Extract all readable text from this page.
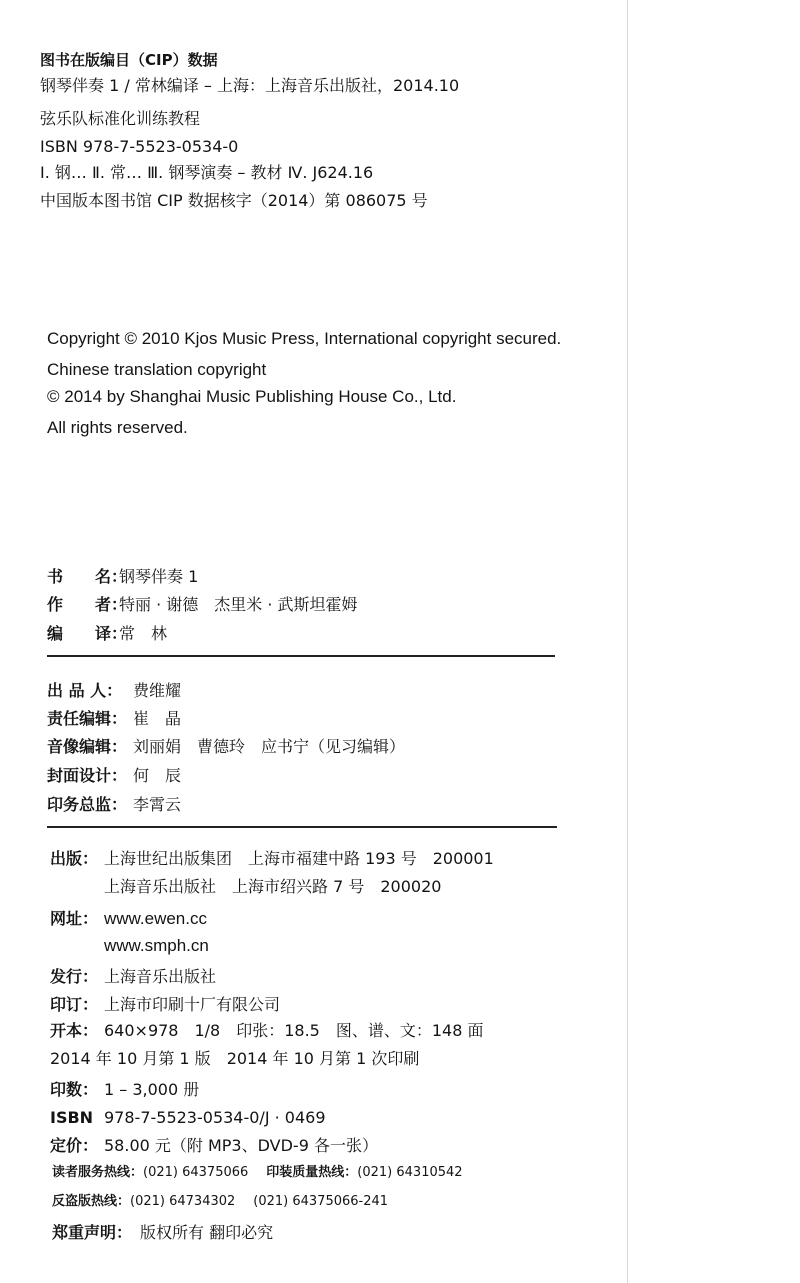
图书在版编目（CIP）数据
钢琴伴奏 1 / 常林编译 – 上海：上海音乐出版社，2014.10
弦乐队标准化训练教程
ISBN 978-7-5523-0534-0
Ⅰ. 钢… Ⅱ. 常… Ⅲ. 钢琴演奏 – 教材 Ⅳ. J624.16
中国版本图书馆 CIP 数据核字（2014）第 086075 号
Copyright © 2010 Kjos Music Press, International copyright secured.
Chinese translation copyright
© 2014 by Shanghai Music Publishing House Co., Ltd.
All rights reserved.
书　　名：钢琴伴奏 1
作　　者：特丽 · 谢德　杰里米 · 武斯坦霍姆
编　　译：常　林
出 品 人： 费维耀
责任编辑： 崔　晶
音像编辑： 刘丽娟　曹德玲　应书宁（见习编辑）
封面设计： 何　辰
印务总监： 李霄云
出版： 上海世纪出版集团　上海市福建中路 193 号　200001
上海音乐出版社　上海市绍兴路 7 号　200020
网址： www.ewen.cc
www.smph.cn
发行： 上海音乐出版社
印订： 上海市印刷十厂有限公司
开本： 640×978　1/8　印张：18.5　图、谱、文：148 面
2014 年 10 月第 1 版　2014 年 10 月第 1 次印刷
印数： 1 – 3,000 册
ISBN 978-7-5523-0534-0/J · 0469
定价： 58.00 元（附 MP3、DVD-9 各一张）
读者服务热线：(021) 64375066 印装质量热线：(021) 64310542
反盗版热线：(021) 64734302 (021) 64375066-241
郑重声明： 版权所有 翻印必究
